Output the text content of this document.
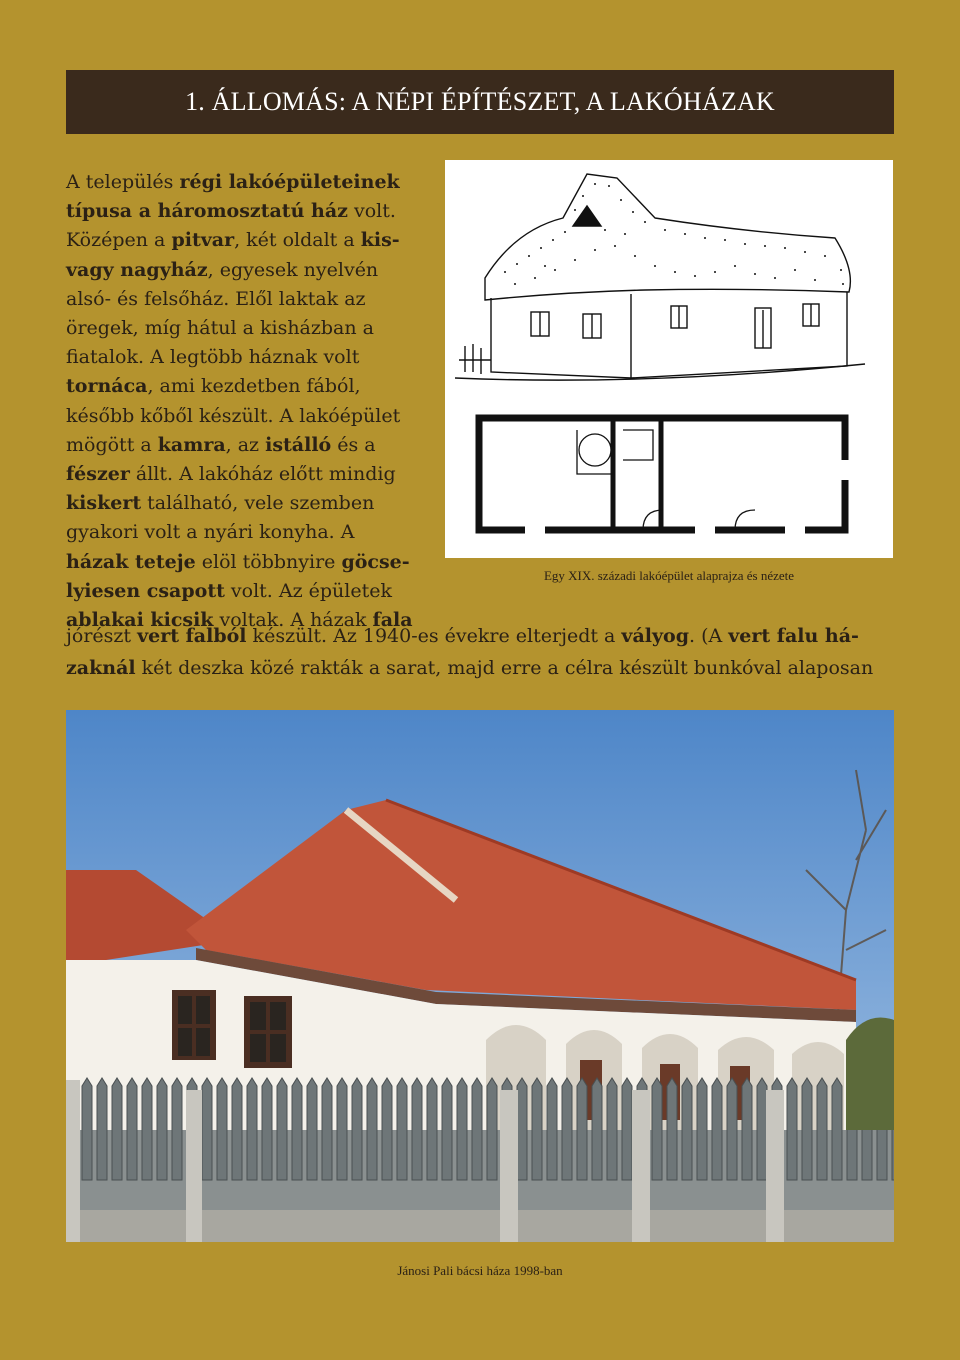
1. ÁLLOMÁS: A NÉPI ÉPÍTÉSZET, A LAKÓHÁZAK

A település régi lakóépületeinek típusa a háromosztatú ház volt. Középen a pitvar, két oldalt a kis- vagy nagyház, egyesek nyelvén alsó- és felsőház. Elől laktak az öregek, míg hátul a kisházban a fiatalok. A legtöbb háznak volt tornáca, ami kezdetben fából, később kőből készült. A lakóépület mögött a kamra, az istálló és a fészer állt. A lakóház előtt mindig kiskert található, vele szemben gyakori volt a nyári konyha. A házak teteje elöl többnyire göcselyiesen csapott volt. Az épületek ablakai kicsik voltak. A házak fala

Egy XIX. századi lakóépület alaprajza és nézete

jórészt vert falból készült. Az 1940-es évekre elterjedt a vályog. (A vert falu házaknál két deszka közé rakták a sarat, majd erre a célra készült bunkóval alaposan

Jánosi Pali bácsi háza 1998-ban
